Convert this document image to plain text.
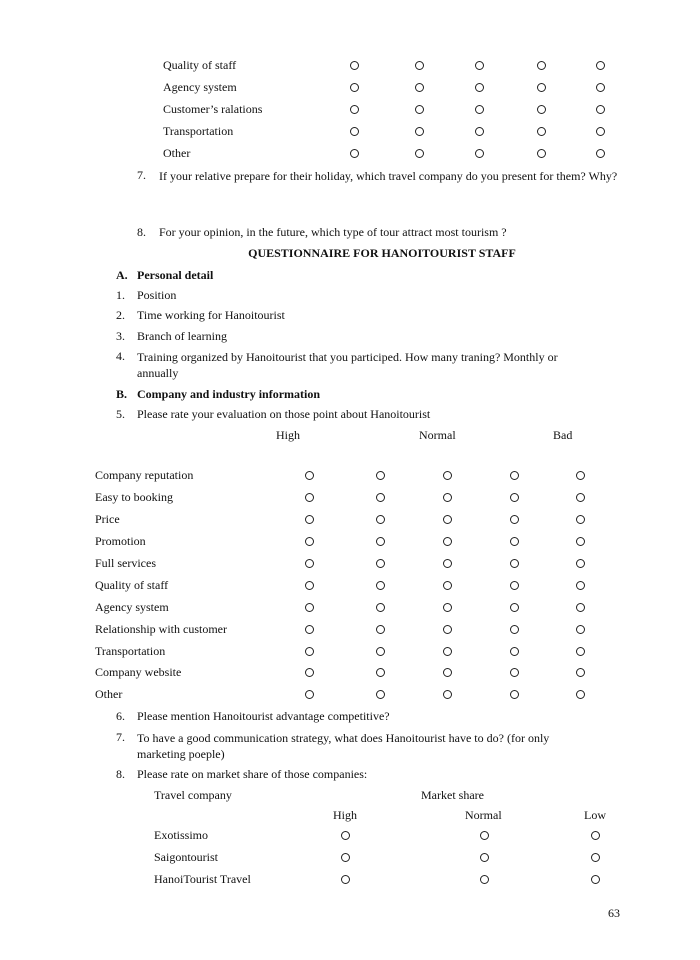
Quality of staff
Agency system
Customer’s ralations
Transportation
Other
7. If your relative prepare for their holiday, which travel company do you present for them? Why?
8. For your opinion, in the future, which type of tour attract most tourism ?
QUESTIONNAIRE FOR HANOITOURIST STAFF
A. Personal detail
1. Position
2. Time working for Hanoitourist
3. Branch of learning
4. Training organized by Hanoitourist that you participed. How many traning? Monthly or annually
B. Company and industry information
5. Please rate your evaluation on those point about Hanoitourist
High	Normal	Bad
Company reputation
Easy to booking
Price
Promotion
Full services
Quality of staff
Agency system
Relationship with customer
Transportation
Company website
Other
6. Please mention Hanoitourist advantage competitive?
7. To have a good communication strategy, what does Hanoitourist have to do? (for only marketing poeple)
8. Please rate on market share of those companies:
Travel company	Market share
High	Normal	Low
Exotissimo
Saigontourist
HanoiTourist Travel
63
